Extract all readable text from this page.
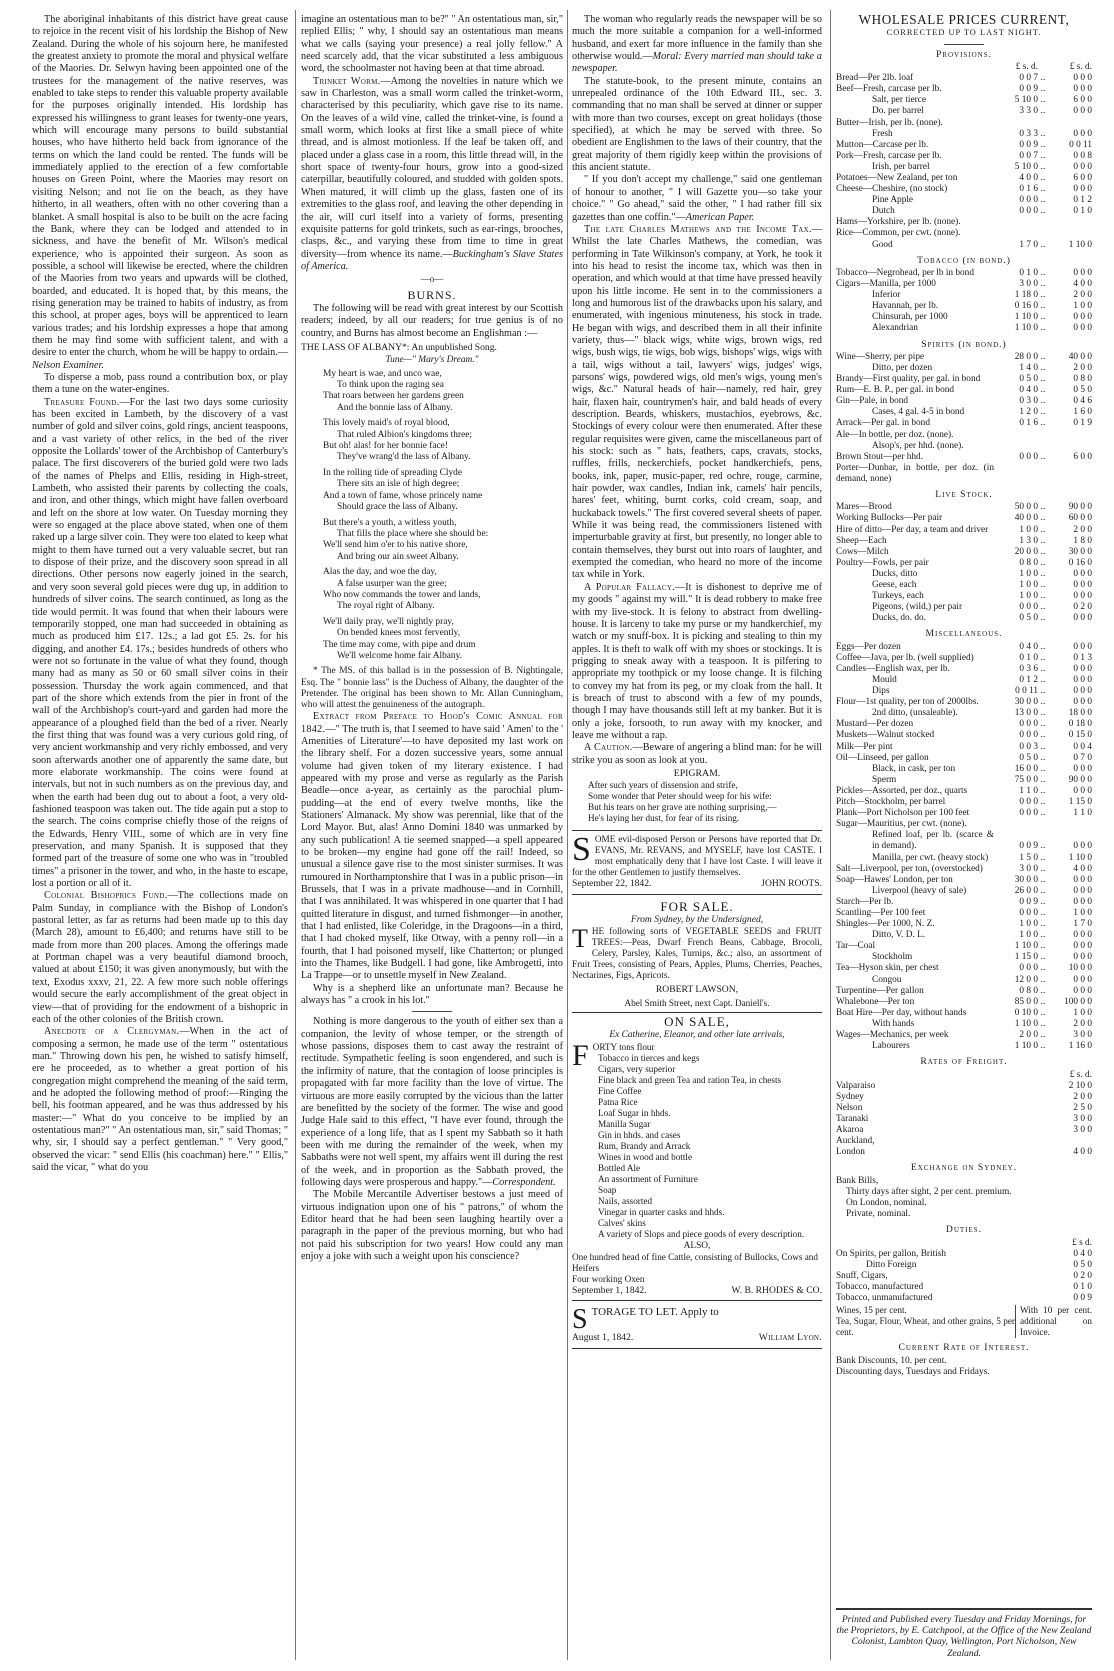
The aboriginal inhabitants of this district have great cause to rejoice in the recent visit of his lordship the Bishop of New Zealand. During the whole of his sojourn here, he manifested the greatest anxiety to promote the moral and physical welfare of the Maories. Dr. Selwyn having been appointed one of the trustees for the management of the native reserves, was enabled to take steps to render this valuable property available for the purposes originally intended. His lordship has expressed his willingness to grant leases for twenty-one years, which will encourage many persons to build substantial houses, who have hitherto held back from ignorance of the terms on which the land could be rented. The funds will be immediately applied to the erection of a few comfortable houses on Green Point, where the Maories may resort on visiting Nelson; and not lie on the beach, as they have hitherto, in all weathers, often with no other covering than a blanket. A small hospital is also to be built on the acre facing the Bank, where they can be lodged and attended to in sickness, and have the benefit of Mr. Wilson's medical experience, who is appointed their surgeon. As soon as possible, a school will likewise be erected, where the children of the Maories from two years and upwards will be clothed, boarded, and educated. It is hoped that, by this means, the rising generation may be trained to habits of industry, as from this school, at proper ages, boys will be apprenticed to learn various trades; and his lordship expresses a hope that among them he may find some with sufficient talent, and with a desire to enter the church, whom he will be happy to ordain.—Nelson Examiner.

To disperse a mob, pass round a contribution box, or play them a tune on the water-engines.

Treasure Found.—For the last two days some curiosity has been excited in Lambeth, by the discovery of a vast number of gold and silver coins, gold rings, ancient teaspoons, and a vast variety of other relics, in the bed of the river opposite the Lollards' tower of the Archbishop of Canterbury's palace. The first discoverers of the buried gold were two lads of the names of Phelps and Ellis, residing in High-street, Lambeth, who assisted their parents by collecting the coals, and iron, and other things, which might have fallen overboard and left on the shore at low water. On Tuesday morning they were so engaged at the place above stated, when one of them raked up a large silver coin. They were too elated to keep what might to them have turned out a very valuable secret, but ran to dispose of their prize, and the discovery soon spread in all directions. Other persons now eagerly joined in the search, and very soon several gold pieces were dug up, in addition to hundreds of silver coins. The search continued, as long as the tide would permit. It was found that when their labours were temporarily stopped, one man had succeeded in obtaining as much as produced him £17. 12s.; a lad got £5. 2s. for his digging, and another £4. 17s.; besides hundreds of others who were not so fortunate in the value of what they found, though many had as many as 50 or 60 small silver coins in their possession. Thursday the work again commenced, and that part of the shore which extends from the pier in front of the wall of the Archbishop's court-yard and garden had more the appearance of a ploughed field than the bed of a river. Nearly the first thing that was found was a very curious gold ring, of very ancient workmanship and very richly embossed, and very soon afterwards another one of apparently the same date, but more elaborate workmanship. The coins were found at intervals, but not in such numbers as on the previous day, and when the earth had been dug out to about a foot, a very old-fashioned teaspoon was taken out. The tide again put a stop to the search. The coins comprise chiefly those of the reigns of the Edwards, Henry VIII., some of which are in very fine preservation, and many Spanish. It is supposed that they formed part of the treasure of some one who was in "troubled times" a prisoner in the tower, and who, in the haste to escape, lost a portion or all of it.

Colonial Bishoprics Fund.—The collections made on Palm Sunday, in compliance with the Bishop of London's pastoral letter, as far as returns had been made up to this day (March 28), amount to £6,400; and returns have still to be made from more than 200 places. Among the offerings made at Portman chapel was a very beautiful diamond brooch, valued at about £150; it was given anonymously, but with the text, Exodus xxxv, 21, 22. A few more such noble offerings would secure the early accomplishment of the great object in view—that of providing for the endowment of a bishopric in each of the other colonies of the British crown.

Anecdote of a Clergyman.—When in the act of composing a sermon, he made use of the term " ostentatious man." Throwing down his pen, he wished to satisfy himself, ere he proceeded, as to whether a great portion of his congregation might comprehend the meaning of the said term, and he adopted the following method of proof:—Ringing the bell, his footman appeared, and he was thus addressed by his master:—" What do you conceive to be implied by an ostentatious man?" " An ostentatious man, sir," said Thomas; " why, sir, I should say a perfect gentleman." " Very good," observed the vicar: " send Ellis (his coachman) here." " Ellis," said the vicar, " what do you

imagine an ostentatious man to be?" " An ostentatious man, sir," replied Ellis; " why, I should say an ostentatious man means what we calls (saying your presence) a real jolly fellow." A need scarcely add, that the vicar substituted a less ambiguous word, the schoolmaster not having been at that time abroad.

Trinket Worm.—Among the novelties in nature which we saw in Charleston, was a small worm called the trinket-worm, characterised by this peculiarity, which gave rise to its name. On the leaves of a wild vine, called the trinket-vine, is found a small worm, which looks at first like a small piece of white thread, and is almost motionless. If the leaf be taken off, and placed under a glass case in a room, this little thread will, in the short space of twenty-four hours, grow into a good-sized caterpillar, beautifully coloured, and studded with golden spots. When matured, it will climb up the glass, fasten one of its extremities to the glass roof, and leaving the other depending in the air, will curl itself into a variety of forms, presenting exquisite patterns for gold trinkets, such as ear-rings, brooches, clasps, &c., and varying these from time to time in great diversity—from whence its name.—Buckingham's Slave States of America.

—o—
BURNS.

The following will be read with great interest by our Scottish readers; indeed, by all our readers; for true genius is of no country, and Burns has almost become an Englishman :—

THE LASS OF ALBANY*: An unpublished Song.
Tune—" Mary's Dream."
My heart is wae, and unco wae,
To think upon the raging sea
That roars between her gardens green
And the bonnie lass of Albany.
This lovely maid's of royal blood,
That ruled Albion's kingdoms three;
But oh! alas! for her bonnie face!
They've wrang'd the lass of Albany.
In the rolling tide of spreading Clyde
There sits an isle of high degree;
And a town of fame, whose princely name
Should grace the lass of Albany.
But there's a youth, a witless youth,
That fills the place where she should be:
We'll send him o'er to his native shore,
And bring our ain sweet Albany.
Alas the day, and woe the day,
A false usurper wan the gree;
Who now commands the tower and lands,
The royal right of Albany.
We'll daily pray, we'll nightly pray,
On bended knees most fervently,
The time may come, with pipe and drum
We'll welcome home fair Albany.

* The MS. of this ballad is in the possession of B. Nightingale, Esq. The " bonnie lass" is the Duchess of Albany, the daughter of the Pretender. The original has been shown to Mr. Allan Cunningham, who will attest the genuineness of the autograph.

Extract from Preface to Hood's Comic Annual for 1842.—" The truth is, that I seemed to have said ' Amen' to the ' Amenities of Literature'—to have deposited my last work on the library shelf. For a dozen successive years, some annual volume had given token of my literary existence. I had appeared with my prose and verse as regularly as the Parish Beadle—once a-year, as certainly as the parochial plum-pudding—at the end of every twelve months, like the Stationers' Almanack. My show was perennial, like that of the Lord Mayor. But, alas! Anno Domini 1840 was unmarked by any such publication! A tie seemed snapped—a spell appeared to be broken—my engine had gone off the rail! Indeed, so unusual a silence gave rise to the most sinister surmises. It was rumoured in Northamptonshire that I was in a public prison—in Brussels, that I was in a private madhouse—and in Cornhill, that I was annihilated. It was whispered in one quarter that I had quitted literature in disgust, and turned fishmonger—in another, that I had enlisted, like Coleridge, in the Dragoons—in a third, that I had choked myself, like Otway, with a penny roll—in a fourth, that I had poisoned myself, like Chatterton; or plunged into the Thames, like Budgell. I had gone, like Ambrogetti, into La Trappe—or to unsettle myself in New Zealand.

Why is a shepherd like an unfortunate man? Because he always has " a crook in his lot."

Nothing is more dangerous to the youth of either sex than a companion, the levity of whose temper, or the strength of whose passions, disposes them to cast away the restraint of rectitude. Sympathetic feeling is soon engendered, and such is the infirmity of nature, that the contagion of loose principles is propagated with far more facility than the love of virtue. The virtuous are more easily corrupted by the vicious than the latter are benefitted by the society of the former. The wise and good Judge Hale said to this effect, "I have ever found, through the experience of a long life, that as I spent my Sabbath so it hath been with me during the remainder of the week, when my Sabbaths were not well spent, my affairs went ill during the rest of the week, and in proportion as the Sabbath proved, the following days were prosperous and happy."—Correspondent.

The Mobile Mercantile Advertiser bestows a just meed of virtuous indignation upon one of his " patrons," of whom the Editor heard that he had been seen laughing heartily over a paragraph in the paper of the previous morning, but who had not paid his subscription for two years! How could any man enjoy a joke with such a weight upon his conscience?

The woman who regularly reads the newspaper will be so much the more suitable a companion for a well-informed husband, and exert far more influence in the family than she otherwise would.—Moral: Every married man should take a newspaper.

The statute-book, to the present minute, contains an unrepealed ordinance of the 10th Edward III., sec. 3. commanding that no man shall be served at dinner or supper with more than two courses, except on great holidays (those specified), at which he may be served with three. So obedient are Englishmen to the laws of their country, that the great majority of them rigidly keep within the provisions of this ancient statute.

" If you don't accept my challenge," said one gentleman of honour to another, " I will Gazette you—so take your choice." " Go ahead," said the other, " I had rather fill six gazettes than one coffin."—American Paper.

The late Charles Mathews and the Income Tax.—Whilst the late Charles Mathews, the comedian, was performing in Tate Wilkinson's company, at York, he took it into his head to resist the income tax, which was then in operation, and which would at that time have pressed heavily upon his little income. He sent in to the commissioners a long and humorous list of the drawbacks upon his salary, and enumerated, with ingenious minuteness, his stock in trade. He began with wigs, and described them in all their infinite variety, thus—" black wigs, white wigs, brown wigs, red wigs, bush wigs, tie wigs, bob wigs, bishops' wigs, wigs with a tail, wigs without a tail, lawyers' wigs, judges' wigs, parsons' wigs, powdered wigs, old men's wigs, young men's wigs, &c." Natural heads of hair—namely, red hair, grey hair, flaxen hair, countrymen's hair, and bald heads of every description. Beards, whiskers, mustachios, eyebrows, &c. Stockings of every colour were then enumerated. After these regular requisites were given, came the miscellaneous part of his stock: such as " hats, feathers, caps, cravats, stocks, ruffles, frills, neckerchiefs, pocket handkerchiefs, pens, books, ink, paper, music-paper, red ochre, rouge, carmine, hair powder, wax candles, Indian ink, camels' hair pencils, hares' feet, whiting, burnt corks, cold cream, soap, and huckaback towels." The first covered several sheets of paper. While it was being read, the commissioners listened with imperturbable gravity at first, but presently, no longer able to contain themselves, they burst out into roars of laughter, and exempted the comedian, who heard no more of the income tax while in York.

A Popular Fallacy.—It is dishonest to deprive me of my goods " against my will." It is dead robbery to make free with my live-stock. It is felony to abstract from dwelling-house. It is larceny to take my purse or my handkerchief, my watch or my snuff-box. It is picking and stealing to thin my apples. It is theft to walk off with my shoes or stockings. It is prigging to sneak away with a teaspoon. It is pilfering to appropriate my toothpick or my loose change. It is filching to convey my hat from its peg, or my cloak from the hall. It is breach of trust to abscond with a few of my pounds, though I may have thousands still left at my banker. But it is only a joke, forsooth, to run away with my knocker, and leave me without a rap.

A Caution.—Beware of angering a blind man: for he will strike you as soon as look at you.

EPIGRAM.
After such years of dissension and strife,
Some wonder that Peter should weep for his wife:
But his tears on her grave are nothing surprising,—
He's laying her dust, for fear of its rising.
SOME evil-disposed Person or Persons have reported that Dr. EVANS, Mr. REVANS, and MYSELF, have lost CASTE. I most emphatically deny that I have lost Caste. I will leave it for the other Gentlemen to justify themselves.
September 22, 1842.	JOHN ROOTS.
FOR SALE.
From Sydney, by the Undersigned,
THE following sorts of VEGETABLE SEEDS and FRUIT TREES:—Peas, Dwarf French Beans, Cabbage, Brocoli, Celery, Parsley, Kales, Turnips, &c.; also, an assortment of Fruit Trees, consisting of Pears, Apples, Plums, Cherries, Peaches, Nectarines, Figs, Apricots.
ROBERT LAWSON,
Abel Smith Street, next Capt. Daniell's.
ON SALE,
Ex Catherine, Eleanor, and other late arrivals,
F ORTY tons flour
Tobacco in tierces and kegs
Cigars, very superior
Fine black and green Tea and ration Tea, in chests
Fine Coffee
Patna Rice
Loaf Sugar in hhds.
Manilla Sugar
Gin in hhds. and cases
Rum, Brandy and Arrack
Wines in wood and bottle
Bottled Ale
An assortment of Furniture
Soap
Nails, assorted
Vinegar in quarter casks and hhds.
Calves' skins
A variety of Slops and piece goods of every description.
ALSO,
One hundred head of fine Cattle, consisting of Bullocks, Cows and Heifers
Four working Oxen
September 1, 1842.	W. B. RHODES & CO.
STORAGE TO LET. Apply to
August 1, 1842.	William Lyon.
WHOLESALE PRICES CURRENT,
CORRECTED UP TO LAST NIGHT.
Provisions.
	£ s. d.		£ s. d.
Bread—Per 2lb. loaf	0 0 7	..	0 0 0
Beef—Fresh, carcase per lb.	0 0 9	..	0 0 0
Salt, per tierce	5 10 0	..	6 0 0
Do. per barrel	3 3 0	..	0 0 0
Butter—Irish, per lb. (none).			
Fresh	0 3 3	..	0 0 0
Mutton—Carcase per lb.	0 0 9	..	0 0 11
Pork—Fresh, carcase per lb.	0 0 7	..	0 0 8
Irish, per barrel	5 10 0	..	0 0 0
Potatoes—New Zealand, per ton	4 0 0	..	6 0 0
Cheese—Cheshire, (no stock)	0 1 6	..	0 0 0
Pine Apple	0 0 0	..	0 1 2
Dutch	0 0 0	..	0 1 0
Hams—Yorkshire, per lb. (none).			
Rice—Common, per cwt. (none).			
Good	1 7 0	..	1 10 0
Tobacco (in bond.)
Tobacco—Negrohead, per lb in bond	0 1 0	..	0 0 0
Cigars—Manilla, per 1000	3 0 0	..	4 0 0
Inferior	1 18 0	..	2 0 0
Havannah, per lb.	0 16 0	..	1 0 0
Chinsurah, per 1000	1 10 0	..	0 0 0
Alexandrian	1 10 0	..	0 0 0
Spirits (in bond.)
Wine—Sherry, per pipe	28 0 0	..	40 0 0
Ditto, per dozen	1 4 0	..	2 0 0
Brandy—First quality, per gal. in bond	0 5 0	..	0 8 0
Rum—E. B. P., per gal. in bond	0 4 0	..	0 5 0
Gin—Pale, in bond	0 3 0	..	0 4 6
Cases, 4 gal. 4-5 in bond	1 2 0	..	1 6 0
Arrack—Per gal. in bond	0 1 6	..	0 1 9
Ale—In bottle, per doz. (none).			
Alsop's, per hhd. (none).			
Brown Stout—per hhd.	0 0 0	..	6 0 0
Porter—Dunbar, in bottle, per doz. (in demand, none)			
Live Stock.
Mares—Brood	50 0 0	..	90 0 0
Working Bullocks—Per pair	40 0 0	..	60 0 0
Hire of ditto—Per day, a team and driver	1 0 0	..	2 0 0
Sheep—Each	1 3 0	..	1 8 0
Cows—Milch	20 0 0	..	30 0 0
Poultry—Fowls, per pair	0 8 0	..	0 16 0
Ducks, ditto	1 0 0	..	0 0 0
Geese, each	1 0 0	..	0 0 0
Turkeys, each	1 0 0	..	0 0 0
Pigeons, (wild,) per pair	0 0 0	..	0 2 0
Ducks, do. do.	0 5 0	..	0 0 0
Miscellaneous.
Eggs—Per dozen	0 4 0	..	0 0 0
Coffee—Java, per lb. (well supplied)	0 1 0	..	0 1 3
Candles—English wax, per lb.	0 3 6	..	0 0 0
Mould	0 1 2	..	0 0 0
Dips	0 0 11	..	0 0 0
Flour—1st quality, per ton of 2000lbs.	30 0 0	..	0 0 0
2nd ditto, (unsaleable).	13 0 0	..	18 0 0
Mustard—Per dozen	0 0 0	..	0 18 0
Muskets—Walnut stocked	0 0 0	..	0 15 0
Milk—Per pint	0 0 3	..	0 0 4
Oil—Linseed, per gallon	0 5 0	..	0 7 0
Black, in cask, per ton	16 0 0	..	0 0 0
Sperm	75 0 0	..	90 0 0
Pickles—Assorted, per doz., quarts	1 1 0	..	0 0 0
Pitch—Stockholm, per barrel	0 0 0	..	1 15 0
Plank—Port Nicholson per 100 feet	0 0 0	..	1 1 0
Sugar—Mauritius, per cwt. (none).			
Refined loaf, per lb. (scarce & in demand).	0 0 9	..	0 0 0
Manilla, per cwt. (heavy stock)	1 5 0	..	1 10 0
Salt—Liverpool, per ton, (overstocked)	3 0 0	..	4 0 0
Soap—Hawes' London, per ton	30 0 0	..	0 0 0
Liverpool (heavy of sale)	26 0 0	..	0 0 0
Starch—Per lb.	0 0 9	..	0 0 0
Scantling—Per 100 feet	0 0 0	..	1 0 0
Shingles—Per 1000, N. Z.	1 0 0	..	1 7 0
Ditto, V. D. L.	1 0 0	..	0 0 0
Tar—Coal	1 10 0	..	0 0 0
Stockholm	1 15 0	..	0 0 0
Tea—Hyson skin, per chest	0 0 0	..	10 0 0
Congou	12 0 0	..	0 0 0
Turpentine—Per gallon	0 8 0	..	0 0 0
Whalebone—Per ton	85 0 0	..	100 0 0
Boat Hire—Per day, without hands	0 10 0	..	1 0 0
With hands	1 10 0	..	2 0 0
Wages—Mechanics, per week	2 0 0	..	3 0 0
Labourers	1 10 0	..	1 16 0
Rates of Freight.
	£ s. d.
Valparaiso	2 10 0
Sydney	2 0 0
Nelson	2 5 0
Taranaki	3 0 0
Akaroa	3 0 0
Auckland,	
London	4 0 0
Exchange on Sydney.
Bank Bills,
Thirty days after sight, 2 per cent. premium.
On London, nominal.
Private, nominal.
Duties.
	£ s d.
On Spirits, per gallon, British	0 4 0
Ditto Foreign	0 5 0
Snuff, Cigars,	0 2 0
Tobacco, manufactured	0 1 0
Tobacco, unmanufactured	0 0 9
Wines, 15 per cent.
Tea, Sugar, Flour, Wheat, and other grains, 5 per cent.
With 10 per cent. additional on Invoice.
Current Rate of Interest.
Bank Discounts, 10. per cent.
Discounting days, Tuesdays and Fridays.
Printed and Published every Tuesday and Friday Mornings, for the Proprietors, by E. Catchpool, at the Office of the New Zealand Colonist, Lambton Quay, Wellington, Port Nicholson, New Zealand.
